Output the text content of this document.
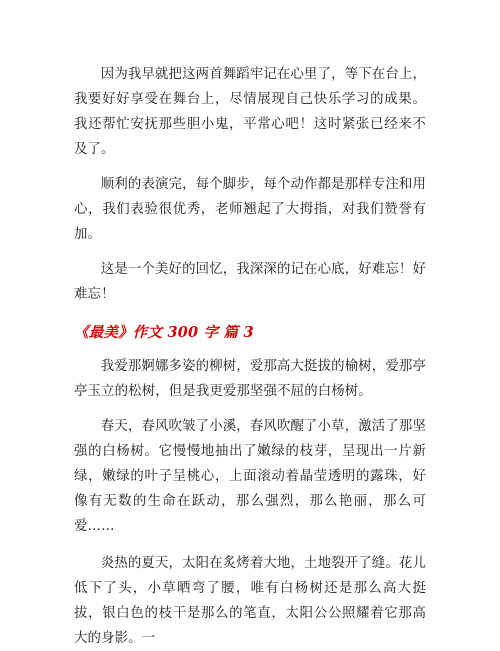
因为我早就把这两首舞蹈牢记在心里了，等下在台上，我要好好享受在舞台上，尽情展现自己快乐学习的成果。我还帮忙安抚那些胆小鬼，平常心吧！这时紧张已经来不及了。

顺利的表演完，每个脚步，每个动作都是那样专注和用心，我们表验很优秀，老师翘起了大拇指，对我们赞誉有加。

这是一个美好的回忆，我深深的记在心底，好难忘！好难忘！

《最美》作文 300 字 篇 3

我爱那婀娜多姿的柳树，爱那高大挺拔的榆树，爱那亭亭玉立的松树，但是我更爱那坚强不屈的白杨树。

春天，春风吹皱了小溪，春风吹醒了小草，激活了那坚强的白杨树。它慢慢地抽出了嫩绿的枝芽，呈现出一片新绿，嫩绿的叶子呈桃心，上面滚动着晶莹透明的露珠，好像有无数的生命在跃动，那么强烈，那么艳丽，那么可爱……

炎热的夏天，太阳在炙烤着大地，土地裂开了缝。花儿低下了头，小草晒弯了腰，唯有白杨树还是那么高大挺拔，银白色的枝干是那么的笔直，太阳公公照耀着它那高大的身影。一
